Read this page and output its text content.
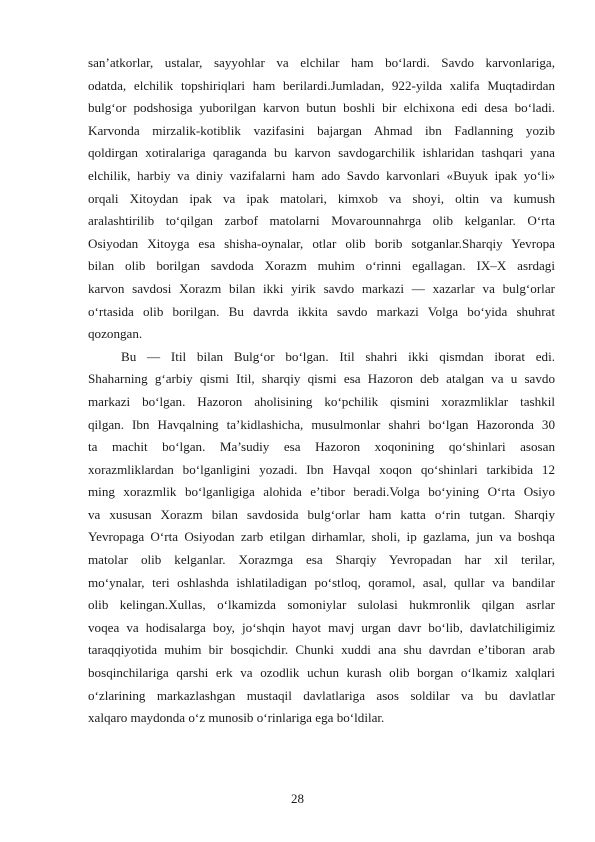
san’atkorlar, ustalar, sayyohlar va elchilar ham bo‘lardi. Savdo karvonlariga,
odatda, elchilik topshiriqlari ham berilardi.Jumladan, 922-yilda xalifa Muqtadirdan
bulg‘or podshosiga yuborilgan karvon butun boshli bir elchixona edi desa bo‘ladi.
Karvonda mirzalik-kotiblik vazifasini bajargan Ahmad ibn Fadlanning yozib
qoldirgan xotiralariga qaraganda bu karvon savdogarchilik ishlaridan tashqari yana
elchilik, harbiy va diniy vazifalarni ham ado Savdo karvonlari «Buyuk ipak yo‘li»
orqali Xitoydan ipak va ipak matolari, kimxob va shoyi, oltin va kumush
aralashtirilib to‘qilgan zarbof matolarni Movarounnahrga olib kelganlar. O‘rta
Osiyodan Xitoyga esa shisha-oynalar, otlar olib borib sotganlar.Sharqiy Yevropa
bilan olib borilgan savdoda Xorazm muhim o‘rinni egallagan. IX–X asrdagi
karvon savdosi Xorazm bilan ikki yirik savdo markazi — xazarlar va bulg‘orlar
o‘rtasida olib borilgan. Bu davrda ikkita savdo markazi Volga bo‘yida shuhrat
qozongan.
Bu — Itil bilan Bulg‘or bo‘lgan. Itil shahri ikki qismdan iborat edi.
Shaharning g‘arbiy qismi Itil, sharqiy qismi esa Hazoron deb atalgan va u savdo
markazi bo‘lgan. Hazoron aholisining ko‘pchilik qismini xorazmliklar tashkil
qilgan. Ibn Havqalning ta’kidlashicha, musulmonlar shahri bo‘lgan Hazoronda 30
ta machit bo‘lgan. Ma’sudiy esa Hazoron xoqonining qo‘shinlari asosan
xorazmliklardan bo‘lganligini yozadi. Ibn Havqal xoqon qo‘shinlari tarkibida 12
ming xorazmlik bo‘lganligiga alohida e’tibor beradi.Volga bo‘yining O‘rta Osiyo
va xususan Xorazm bilan savdosida bulg‘orlar ham katta o‘rin tutgan. Sharqiy
Yevropaga O‘rta Osiyodan zarb etilgan dirhamlar, sholi, ip gazlama, jun va boshqa
matolar olib kelganlar. Xorazmga esa Sharqiy Yevropadan har xil terilar,
mo‘ynalar, teri oshlashda ishlatiladigan po‘stloq, qoramol, asal, qullar va bandilar
olib kelingan.Xullas, o‘lkamizda somoniylar sulolasi hukmronlik qilgan asrlar
voqea va hodisalarga boy, jo‘shqin hayot mavj urgan davr bo‘lib, davlatchiligimiz
taraqqiyotida muhim bir bosqichdir. Chunki xuddi ana shu davrdan e’tiboran arab
bosqinchilariga qarshi erk va ozodlik uchun kurash olib borgan o‘lkamiz xalqlari
o‘zlarining markazlashgan mustaqil davlatlariga asos soldilar va bu davlatlar
xalqaro maydonda o‘z munosib o‘rinlariga ega bo‘ldilar.
28
